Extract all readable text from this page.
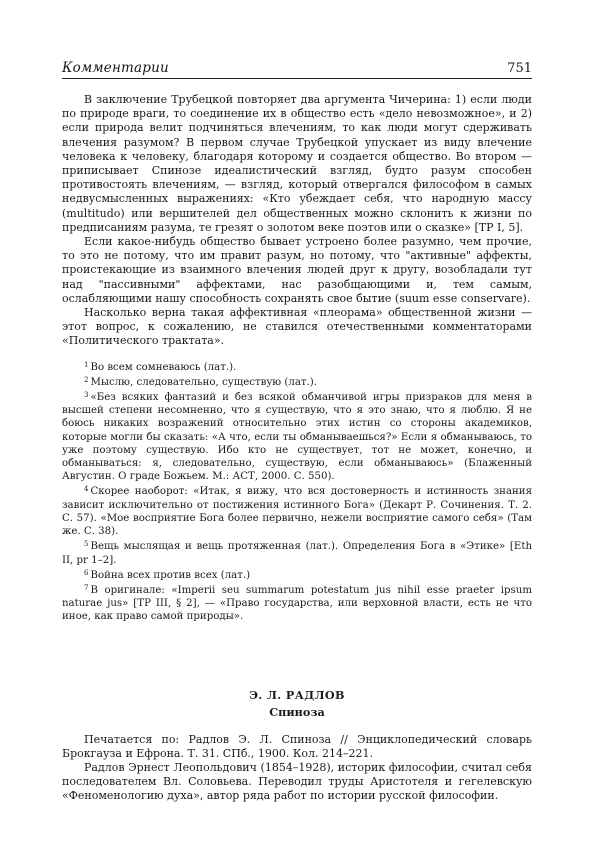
Комментарии	751

В заключение Трубецкой повторяет два аргумента Чичерина: 1) если люди по природе враги, то соединение их в общество есть «дело невозможное», и 2) если природа велит подчиняться влечениям, то как люди могут сдерживать влечения разумом? В первом случае Трубецкой упускает из виду влечение человека к человеку, благодаря которому и создается общество. Во втором — приписывает Спинозе идеалистический взгляд, будто разум способен противостоять влечениям, — взгляд, который отвергался философом в самых недвусмысленных выражениях: «Кто убеждает себя, что народную массу (multitudo) или вершителей дел общественных можно склонить к жизни по предписаниям разума, те грезят о золотом веке поэтов или о сказке» [TP I, 5].

Если какое-нибудь общество бывает устроено более разумно, чем прочие, то это не потому, что им правит разум, но потому, что "активные" аффекты, проистекающие из взаимного влечения людей друг к другу, возобладали тут над "пассивными" аффектами, нас разобщающими и, тем самым, ослабляющими нашу способность сохранять свое бытие (suum esse conservare).

Насколько верна такая аффективная «плеорама» общественной жизни — этот вопрос, к сожалению, не ставился отечественными комментаторами «Политического трактата».

$^1$ Во всем сомневаюсь (лат.).

$^2$ Мыслю, следовательно, существую (лат.).

$^3$ «Без всяких фантазий и без всякой обманчивой игры призраков для меня в высшей степени несомненно, что я существую, что я это знаю, что я люблю. Я не боюсь никаких возражений относительно этих истин со стороны академиков, которые могли бы сказать: «А что, если ты обманываешься?» Если я обманываюсь, то уже поэтому существую. Ибо кто не существует, тот не может, конечно, и обманываться: я, следовательно, существую, если обманываюсь» (Блаженный Августин. О граде Божьем. М.: АСТ, 2000. С. 550).

$^4$ Скорее наоборот: «Итак, я вижу, что вся достоверность и истинность знания зависит исключительно от постижения истинного Бога» (Декарт Р. Сочинения. Т. 2. С. 57). «Мое восприятие Бога более первично, нежели восприятие самого себя» (Там же. С. 38).

$^5$ Вещь мыслящая и вещь протяженная (лат.). Определения Бога в «Этике» [Eth II, pr 1–2].

$^6$ Война всех против всех (лат.)

$^7$ В оригинале: «Imperii seu summarum potestatum jus nihil esse praeter ipsum naturae jus» [TP III, § 2], — «Право государства, или верховной власти, есть не что иное, как право самой природы».

Э. Л. РАДЛОВ
Спиноза

Печатается по: Радлов Э. Л. Спиноза // Энциклопедический словарь Брокгауза и Ефрона. Т. 31. СПб., 1900. Кол. 214–221.

Радлов Эрнест Леопольдович (1854–1928), историк философии, считал себя последователем Вл. Соловьева. Переводил труды Аристотеля и гегелевскую «Феноменологию духа», автор ряда работ по истории русской философии.
